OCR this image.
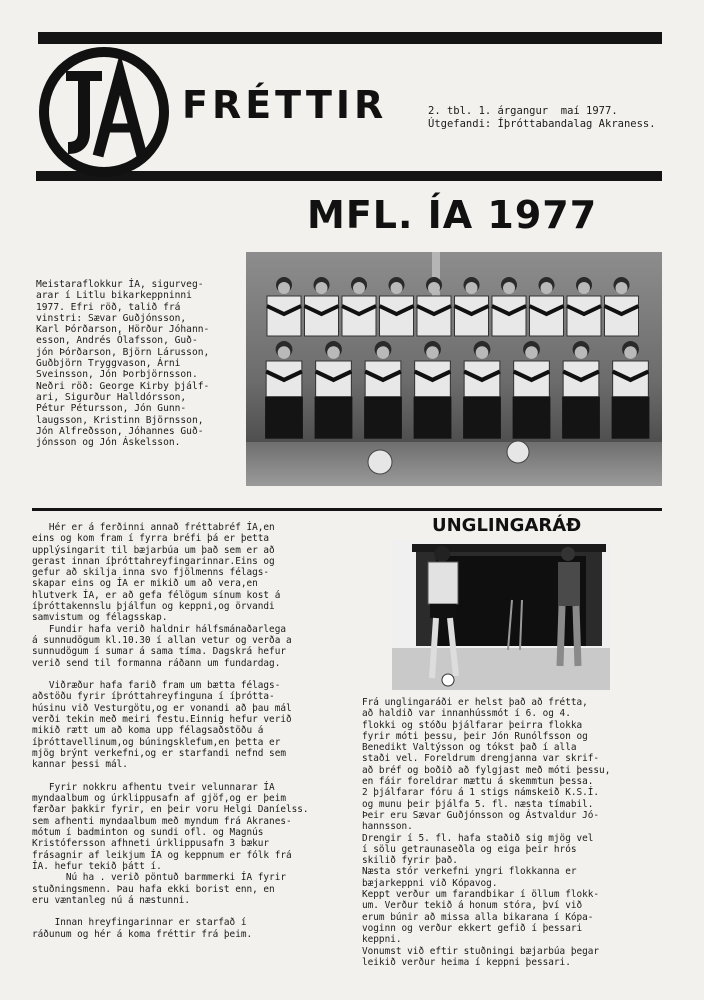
FRÉTTIR	2. tbl. 1. árgangur  maí 1977.
Útgefandi: Íþróttabandalag Akraness.
MFL. ÍA 1977
Meistaraflokkur ÍA, sigurveg-
arar í Litlu bikarkeppninni
1977. Efri röð, talið frá
vinstri: Sævar Guðjónsson,
Karl Þórðarson, Hörður Jóhann-
esson, Andrés Ólafsson, Guð-
jón Þórðarson, Björn Lárusson,
Guðbjörn Tryggvason, Árni
Sveinsson, Jón Þorbjörnsson.
Neðri röð: George Kirby þjálf-
ari, Sigurður Halldórsson,
Pétur Pétursson, Jón Gunn-
laugsson, Kristinn Björnsson,
Jón Alfreðsson, Jóhannes Guð-
jónsson og Jón Áskelsson.
Hér er á ferðinni annað fréttabréf ÍA,en
eins og kom fram í fyrra bréfi þá er þetta
upplýsingarit til bæjarbúa um það sem er að
gerast innan íþróttahreyfingarinnar.Eins og
gefur að skilja inna svo fjölmenns félags-
skapar eins og ÍA er mikið um að vera,en
hlutverk ÍA, er að gefa félögum sínum kost á
íþróttakennslu þjálfun og keppni,og örvandi
samvistum og félagsskap.
Fundir hafa verið haldnir hálfsmánaðarlega
á sunnudögum kl.10.30 í allan vetur og verða a
sunnudögum í sumar á sama tíma. Dagskrá hefur
verið send til formanna ráðann um fundardag.

Viðræður hafa farið fram um bætta félags-
aðstöðu fyrir íþróttahreyfinguna í íþrótta-
húsinu við Vesturgötu,og er vonandi að þau mál
verði tekin með meiri festu.Einnig hefur verið
mikið rætt um að koma upp félagsaðstöðu á
íþróttavellinum,og búningsklefum,en þetta er
mjög brýnt verkefni,og er starfandi nefnd sem
kannar þessi mál.

Fyrir nokkru afhentu tveir velunnarar ÍA
myndaalbum og úrklippusafn af gjöf,og er þeim
færðar þakkir fyrir, en þeir voru Helgi Daníelss.
sem afhenti myndaalbum með myndum frá Akranes-
mótum í badminton og sundi ofl. og Magnús
Kristófersson afhneti úrklippusafn 3 bækur
frásagnir af leikjum ÍA og keppnum er fólk frá
ÍA. hefur tekið þátt í.
Nú ha . verið pöntuð barmmerki ÍA fyrir
stuðningsmenn. Þau hafa ekki borist enn, en
eru væntanleg nú á næstunni.

Innan hreyfingarinnar er starfað í
ráðunum og hér á koma fréttir frá þeim.
UNGLINGARÁÐ
Frá unglingaráði er helst það að frétta,
að haldið var innanhússmót í 6. og 4.
flokki og stóðu þjálfarar þeirra flokka
fyrir móti þessu, þeir Jón Runólfsson og
Benedikt Valtýsson og tókst það í alla
staði vel. Foreldrum drengjanna var skrif-
að bréf og boðið að fylgjast með móti þessu,
en fáir foreldrar mættu á skemmtun þessa.
2 þjálfarar fóru á 1 stigs námskeið K.S.Í.
og munu þeir þjálfa 5. fl. næsta tímabil.
Þeir eru Sævar Guðjónsson og Ástvaldur Jó-
hannsson.
Drengir í 5. fl. hafa staðið sig mjög vel
í sölu getraunaseðla og eiga þeir hrós
skilið fyrir það.
Næsta stór verkefni yngri flokkanna er
bæjarkeppni við Kópavog.
Keppt verður um farandbikar í öllum flokk-
um. Verður tekið á honum stóra, því við
erum búnir að missa alla bikarana í Kópa-
voginn og verður ekkert gefið í þessari
keppni.
Vonumst við eftir stuðningi bæjarbúa þegar
leikið verður heima í keppni þessari.
